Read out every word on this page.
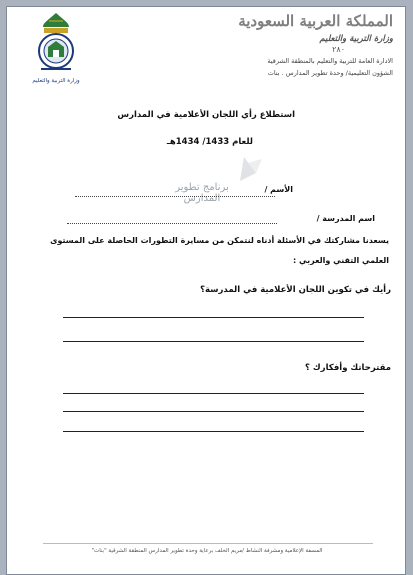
وزارة التربية والتعليم
المملكة العربية السعودية
وزارة التربية والتعليم
٢٨٠
الادارة العامة للتربية والتعليم بالمنطقة الشرقية
الشؤون التعليمية/ وحدة تطوير المدارس . بنات
استطلاع رأي اللجان الأعلامية في المدارس
للعام 1433/ 1434هـ
برنامج تطوير المدارس
الأسم /
اسم المدرسة /
يسعدنا مشاركتك في الأسئلة أدناه لنتمكن من مسايرة التطورات الحاصلة على المستوى
العلمي التقني والعربي :
رأيك في تكوين اللجان الأعلامية في المدرسة؟
مقترحاتك وأفكارك ؟
المسفة الإعلامية ومشرفة النشاط /مريم الخلف برعاية وحدة تطوير المدارس المنطقة الشرقية "بنات"
